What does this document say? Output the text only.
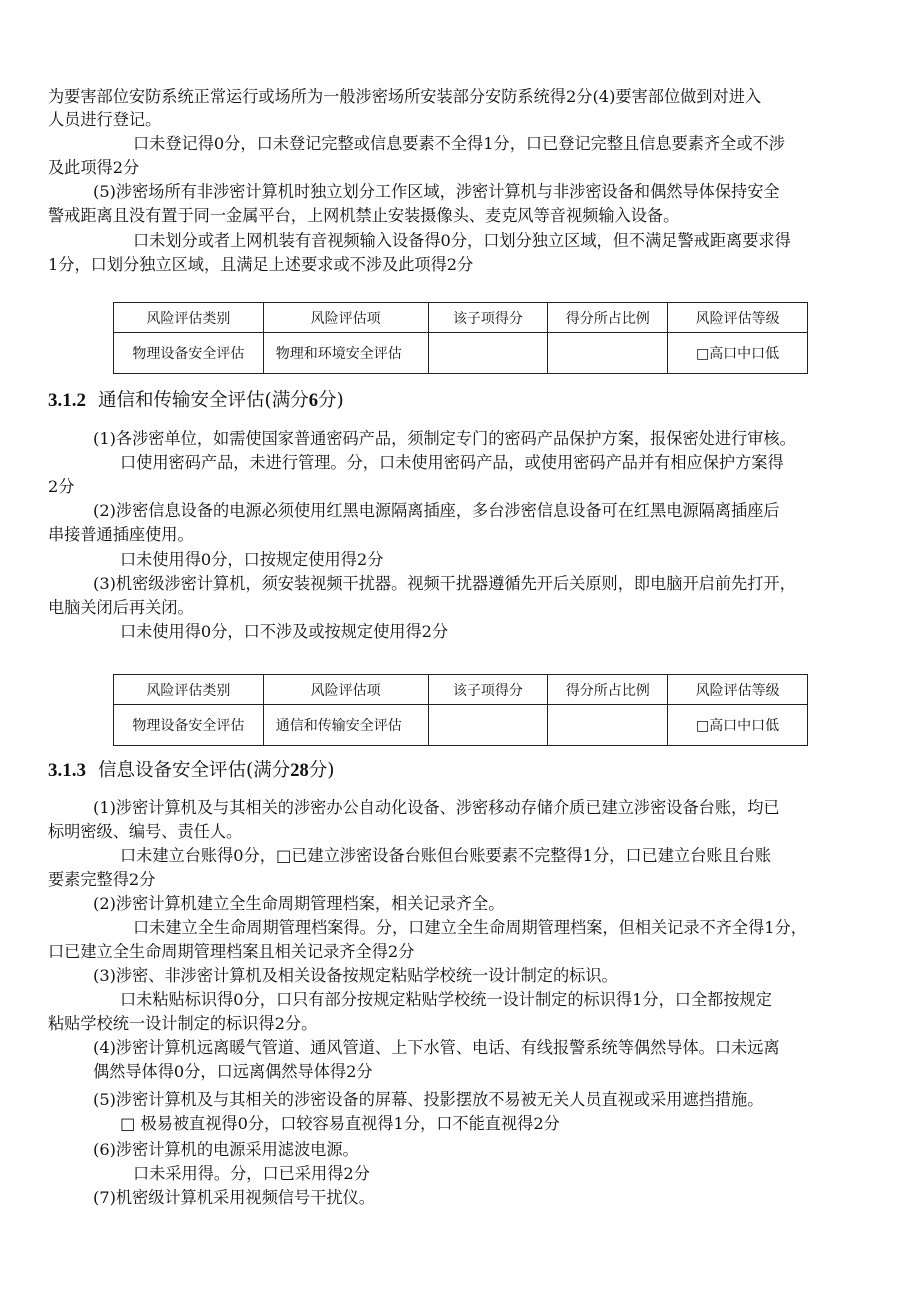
为要害部位安防系统正常运行或场所为一般涉密场所安装部分安防系统得2分(4)要害部位做到对进入
人员进行登记。
口未登记得0分，口未登记完整或信息要素不全得1分，口已登记完整且信息要素齐全或不涉
及此项得2分
(5)涉密场所有非涉密计算机时独立划分工作区域，涉密计算机与非涉密设备和偶然导体保持安全
警戒距离且没有置于同一金属平台，上网机禁止安装摄像头、麦克风等音视频输入设备。
口未划分或者上网机装有音视频输入设备得0分，口划分独立区域，但不满足警戒距离要求得
1分，口划分独立区域，且满足上述要求或不涉及此项得2分
风险评估类别	风险评估项	该子项得分	得分所占比例	风险评估等级
物理设备安全评估	物理和环境安全评估			□高口中口低
3.1.2 通信和传输安全评估(满分6分)
(1)各涉密单位，如需使国家普通密码产品，须制定专门的密码产品保护方案，报保密处进行审核。
口使用密码产品，未进行管理。分，口未使用密码产品，或使用密码产品并有相应保护方案得
2分
(2)涉密信息设备的电源必须使用红黑电源隔离插座，多台涉密信息设备可在红黑电源隔离插座后
串接普通插座使用。
口未使用得0分，口按规定使用得2分
(3)机密级涉密计算机，须安装视频干扰器。视频干扰器遵循先开后关原则，即电脑开启前先打开，
电脑关闭后再关闭。
口未使用得0分，口不涉及或按规定使用得2分
风险评估类别	风险评估项	该子项得分	得分所占比例	风险评估等级
物理设备安全评估	通信和传输安全评估			□高口中口低
3.1.3 信息设备安全评估(满分28分)
(1)涉密计算机及与其相关的涉密办公自动化设备、涉密移动存储介质已建立涉密设备台账，均已
标明密级、编号、责任人。
口未建立台账得0分，□已建立涉密设备台账但台账要素不完整得1分，口已建立台账且台账
要素完整得2分
(2)涉密计算机建立全生命周期管理档案，相关记录齐全。
口未建立全生命周期管理档案得。分，口建立全生命周期管理档案，但相关记录不齐全得1分，
口已建立全生命周期管理档案且相关记录齐全得2分
(3)涉密、非涉密计算机及相关设备按规定粘贴学校统一设计制定的标识。
口未粘贴标识得0分，口只有部分按规定粘贴学校统一设计制定的标识得1分，口全都按规定
粘贴学校统一设计制定的标识得2分。
(4)涉密计算机远离暖气管道、通风管道、上下水管、电话、有线报警系统等偶然导体。口未远离
偶然导体得0分，口远离偶然导体得2分
(5)涉密计算机及与其相关的涉密设备的屏幕、投影摆放不易被无关人员直视或采用遮挡措施。
□ 极易被直视得0分，口较容易直视得1分，口不能直视得2分
(6)涉密计算机的电源采用滤波电源。
口未采用得。分，口已采用得2分
(7)机密级计算机采用视频信号干扰仪。
